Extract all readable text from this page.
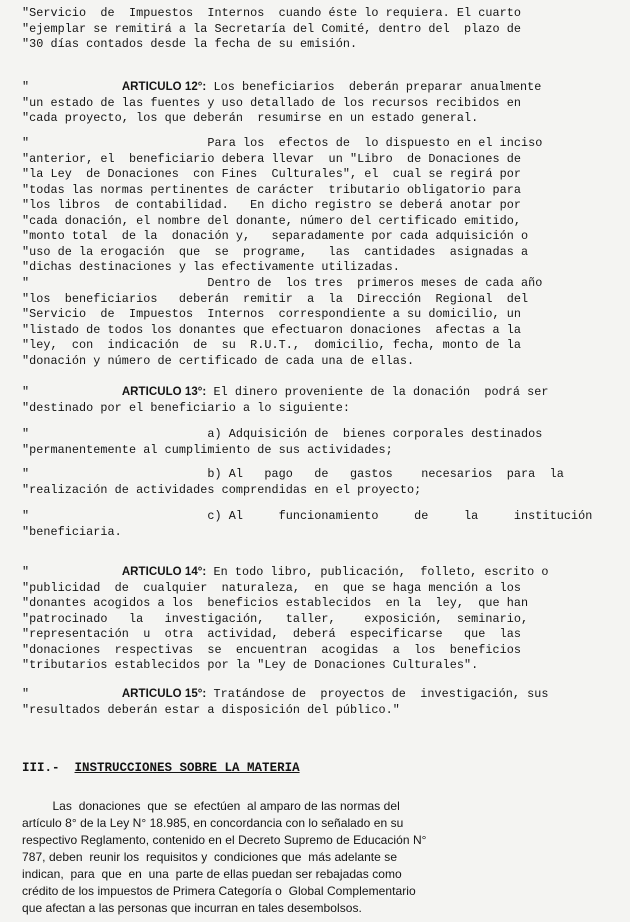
"Servicio  de  Impuestos  Internos  cuando éste lo requiera. El cuarto
"ejemplar se remitirá a la Secretaría del Comité, dentro del  plazo de
"30 días contados desde la fecha de su emisión.
"	ARTICULO 12°: Los beneficiarios  deberán preparar anualmente
"un estado de las fuentes y uso detallado de los recursos recibidos en
"cada proyecto, los que deberán  resumirse en un estado general.
"                         Para los  efectos de  lo dispuesto en el inciso
"anterior, el  beneficiario debera llevar  un "Libro  de Donaciones de
"la Ley  de Donaciones  con Fines  Culturales", el  cual se regirá por
"todas las normas pertinentes de carácter  tributario obligatorio para
"los libros  de contabilidad.   En dicho registro se deberá anotar por
"cada donación, el nombre del donante, número del certificado emitido,
"monto total  de la  donación y,   separadamente por cada adquisición o
"uso de la erogación  que  se  programe,   las  cantidades  asignadas a
"dichas destinaciones y las efectivamente utilizadas.
"                         Dentro de  los tres  primeros meses de cada año
"los  beneficiarios   deberán  remitir  a  la  Dirección  Regional  del
"Servicio  de  Impuestos  Internos  correspondiente a su domicilio, un
"listado de todos los donantes que efectuaron donaciones  afectas a la
"ley,  con  indicación  de  su  R.U.T.,  domicilio, fecha, monto de la
"donación y número de certificado de cada una de ellas.
"	ARTICULO 13°: El dinero proveniente de la donación  podrá ser
"destinado por el beneficiario a lo siguiente:
"                         a) Adquisición de  bienes corporales destinados
"permanentemente al cumplimiento de sus actividades;
"                         b) Al   pago   de   gastos    necesarios  para  la
"realización de actividades comprendidas en el proyecto;
"                         c) Al     funcionamiento     de     la     institución
"beneficiaria.
"	ARTICULO 14°: En todo libro, publicación,  folleto, escrito o
"publicidad  de  cualquier  naturaleza,  en  que se haga mención a los
"donantes acogidos a los  beneficios establecidos  en la  ley,  que han
"patrocinado   la   investigación,   taller,    exposición,  seminario,
"representación  u  otra  actividad,  deberá  especificarse   que  las
"donaciones  respectivas  se  encuentran  acogidas  a  los  beneficios
"tributarios establecidos por la "Ley de Donaciones Culturales".
"	ARTICULO 15°: Tratándose de  proyectos de  investigación, sus
"resultados deberán estar a disposición del público."
III.- INSTRUCCIONES SOBRE LA MATERIA
Las  donaciones  que  se  efectúen  al amparo de las normas del
artículo 8° de la Ley N° 18.985, en concordancia con lo señalado en su
respectivo Reglamento, contenido en el Decreto Supremo de Educación N°
787, deben  reunir los  requisitos y  condiciones que  más adelante se
indican,  para  que  en  una  parte de ellas puedan ser rebajadas como
crédito de los impuestos de Primera Categoría o  Global Complementario
que afectan a las personas que incurran en tales desembolsos.
